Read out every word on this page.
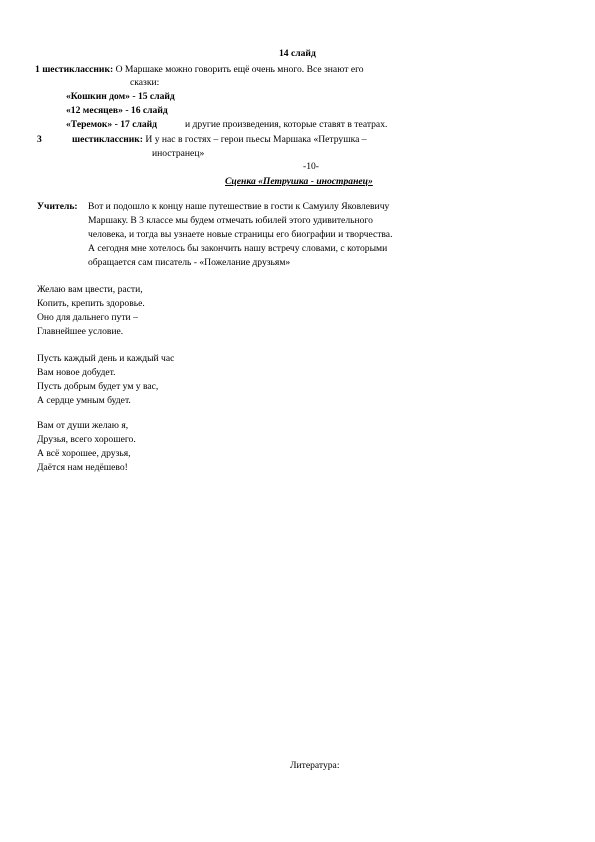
14 слайд
1 шестиклассник: О Маршаке можно говорить ещё очень много. Все знают его
сказки:
«Кошкин дом» - 15 слайд
«12 месяцев» - 16 слайд
«Теремок» - 17 слайд	и другие произведения, которые ставят в театрах.
3	шестиклассник: И у нас в гостях – герои пьесы Маршака «Петрушка –
иностранец»
-10-
Сценка «Петрушка - иностранец»
Учитель: Вот и подошло к концу наше путешествие в гости к Самуилу Яковлевичу
Маршаку. В 3 классе мы будем отмечать юбилей этого удивительного
человека, и тогда вы узнаете новые страницы его биографии и творчества.
А сегодня мне хотелось бы закончить нашу встречу словами, с которыми
обращается сам писатель - «Пожелание друзьям»
Желаю вам цвести, расти,
Копить, крепить здоровье.
Оно для дальнего пути –
Главнейшее условие.
Пусть каждый день и каждый час
Вам новое добудет.
Пусть добрым будет ум у вас,
А сердце умным будет.
Вам от души желаю я,
Друзья, всего хорошего.
А всё хорошее, друзья,
Даётся нам недёшево!
Литература:
